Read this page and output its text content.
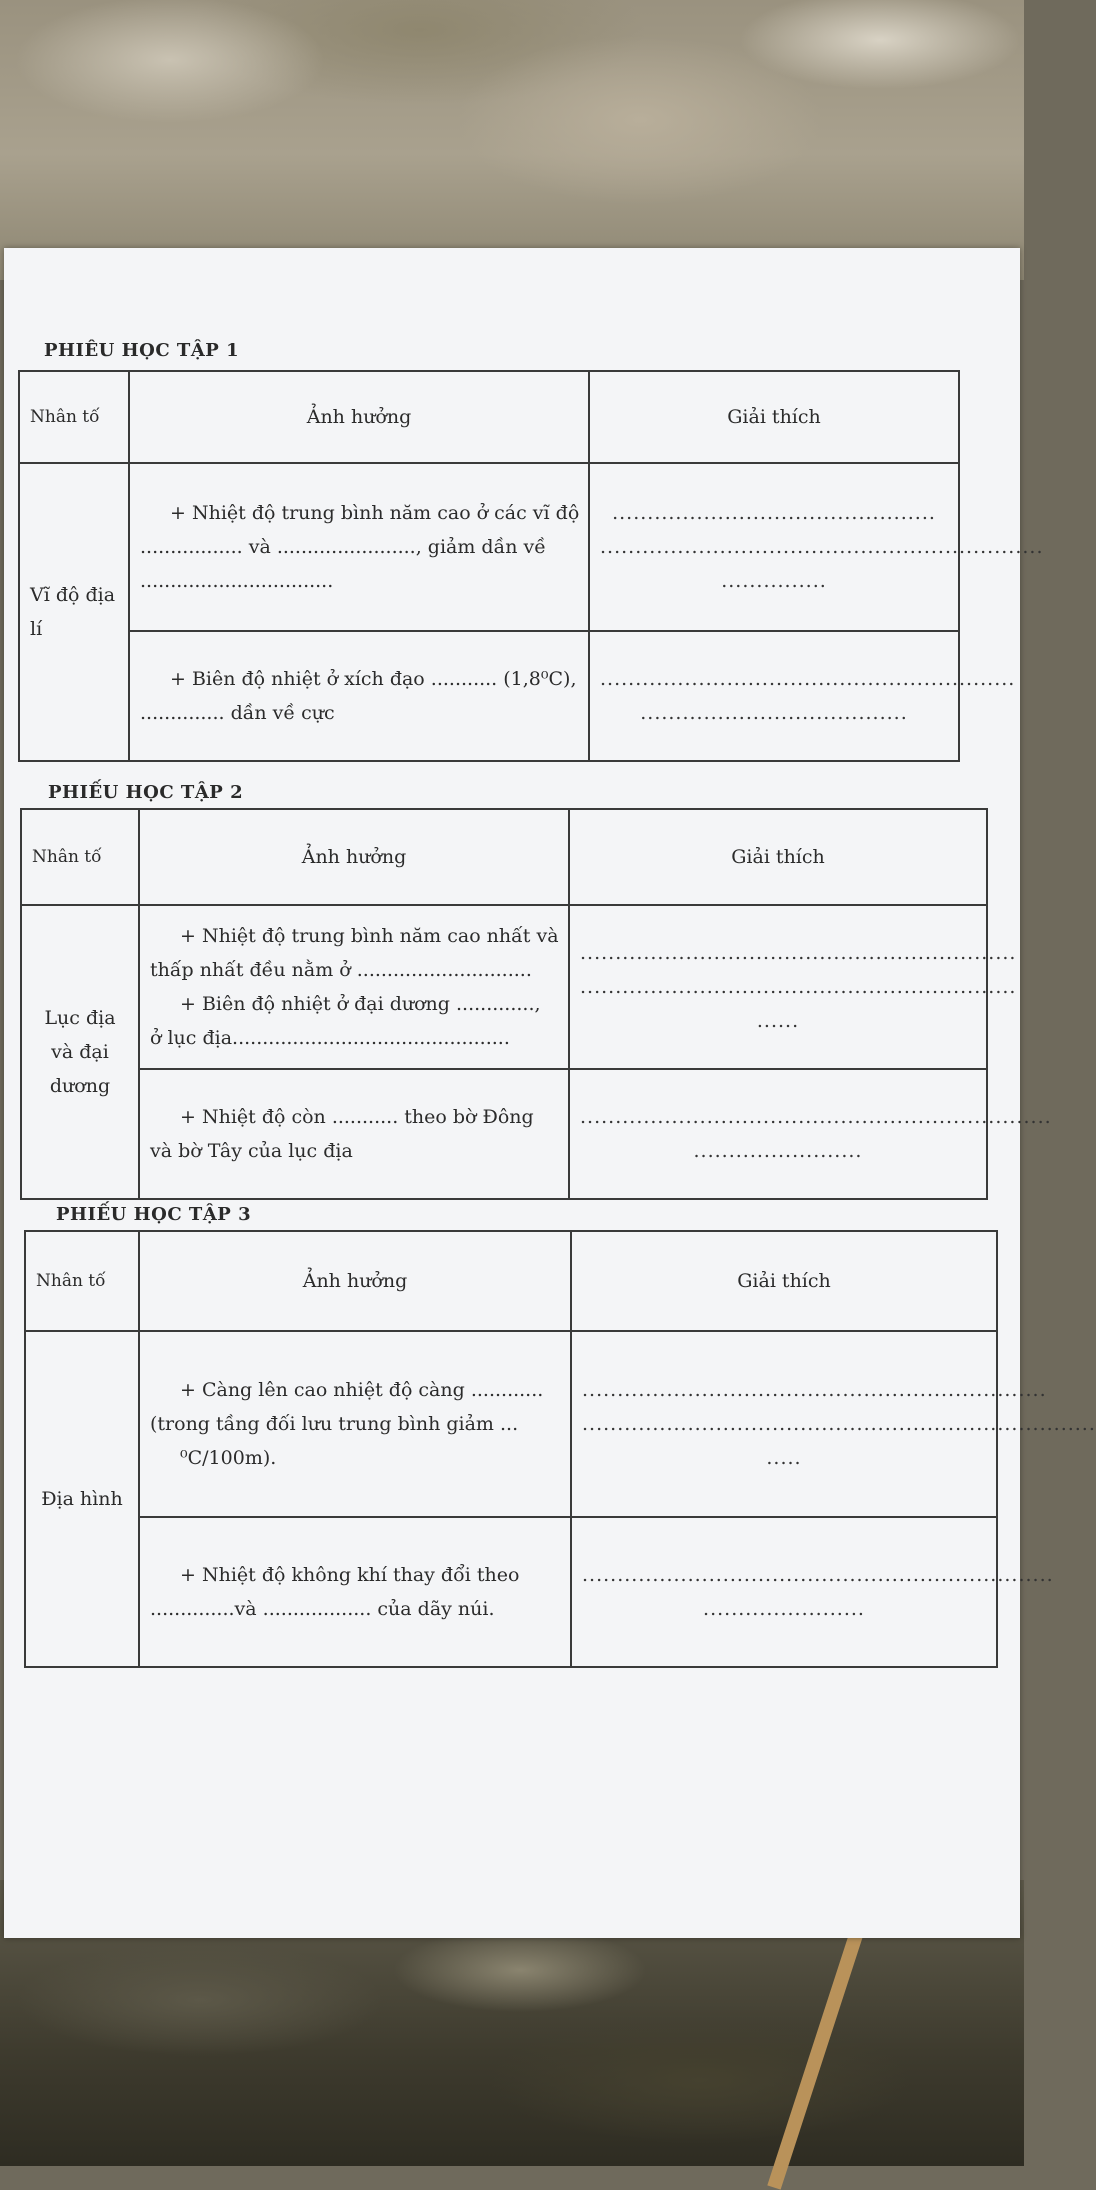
PHIÊU HỌC TẬP 1
Nhân tố	Ảnh hưởng	Giải thích
Vĩ độ địa lí	+ Nhiệt độ trung bình năm cao ở các vĩ độ
................. và ......................., giảm dần về
................................	..............................................
...............................................................
...............

	+ Biên độ nhiệt ở xích đạo ........... (1,8⁰C),
.............. dần về cực	...........................................................
......................................
PHIẾU HỌC TẬP 2
Nhân tố	Ảnh hưởng	Giải thích
Lục địa và đại dương	+ Nhiệt độ trung bình năm cao nhất và
thấp nhất đều nằm ở .............................
+ Biên độ nhiệt ở đại dương .............,
ở lục địa..............................................	..............................................................
..............................................................
......

	+ Nhiệt độ còn ........... theo bờ Đông
và bờ Tây của lục địa	...................................................................
........................
PHIẾU HỌC TẬP 3
Nhân tố	Ảnh hưởng	Giải thích
Địa hình	+ Càng lên cao nhiệt độ càng ............
(trong tầng đối lưu trung bình giảm ...
⁰C/100m).	..................................................................
.........................................................................
.....

	+ Nhiệt độ không khí thay đổi theo
..............và .................. của dãy núi.	...................................................................
.......................
